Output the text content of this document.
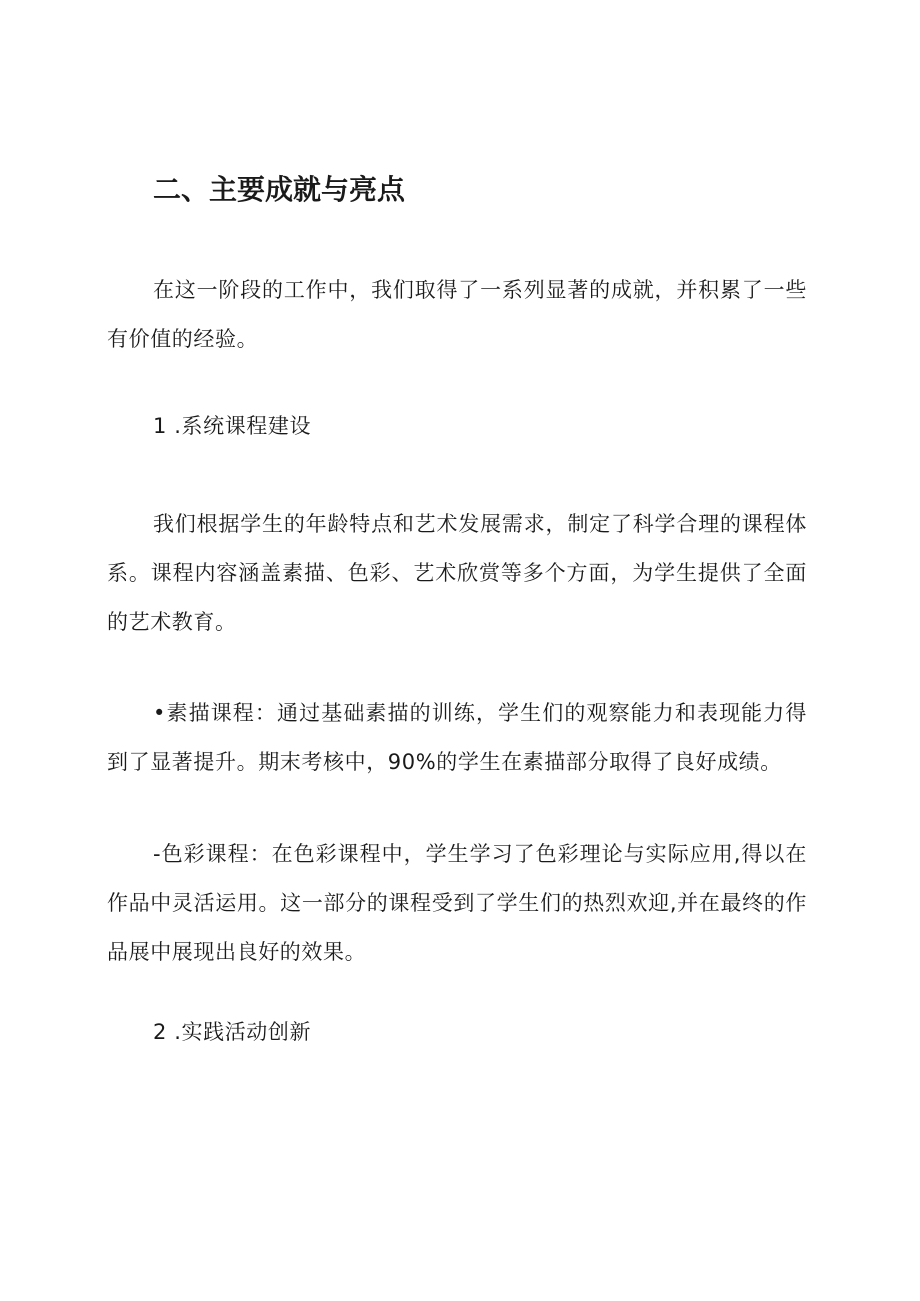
二、主要成就与亮点

在这一阶段的工作中，我们取得了一系列显著的成就，并积累了一些有价值的经验。

1 .系统课程建设

我们根据学生的年龄特点和艺术发展需求，制定了科学合理的课程体系。课程内容涵盖素描、色彩、艺术欣赏等多个方面，为学生提供了全面的艺术教育。

•素描课程：通过基础素描的训练，学生们的观察能力和表现能力得到了显著提升。期末考核中，90%的学生在素描部分取得了良好成绩。

-色彩课程：在色彩课程中，学生学习了色彩理论与实际应用,得以在作品中灵活运用。这一部分的课程受到了学生们的热烈欢迎,并在最终的作品展中展现出良好的效果。

2 .实践活动创新
